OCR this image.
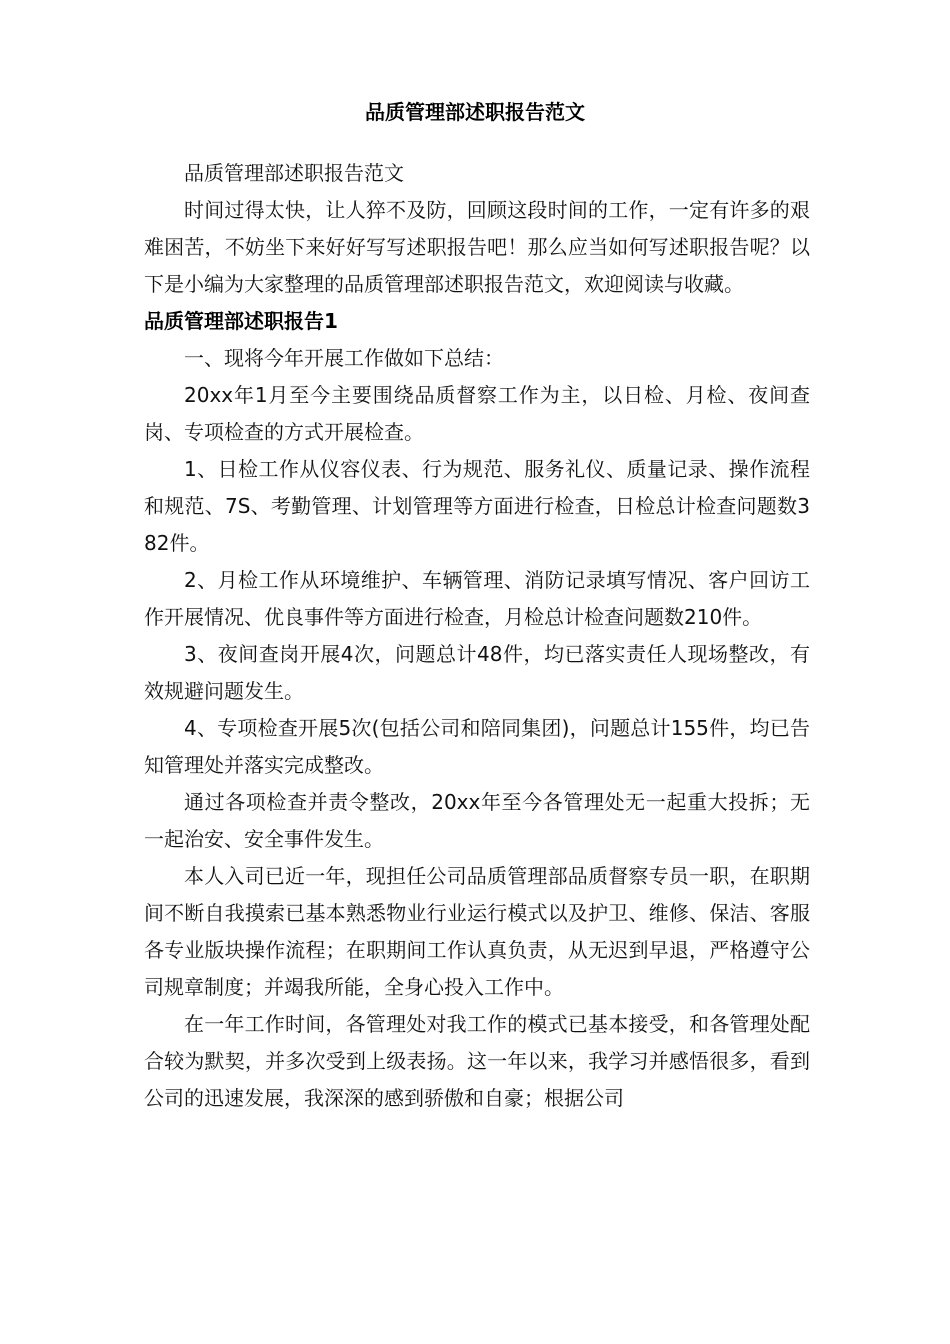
品质管理部述职报告范文

品质管理部述职报告范文

时间过得太快，让人猝不及防，回顾这段时间的工作，一定有许多的艰难困苦，不妨坐下来好好写写述职报告吧！那么应当如何写述职报告呢？以下是小编为大家整理的品质管理部述职报告范文，欢迎阅读与收藏。

品质管理部述职报告1

一、现将今年开展工作做如下总结：

20xx年1月至今主要围绕品质督察工作为主，以日检、月检、夜间查岗、专项检查的方式开展检查。

1、日检工作从仪容仪表、行为规范、服务礼仪、质量记录、操作流程和规范、7S、考勤管理、计划管理等方面进行检查，日检总计检查问题数382件。

2、月检工作从环境维护、车辆管理、消防记录填写情况、客户回访工作开展情况、优良事件等方面进行检查，月检总计检查问题数210件。

3、夜间查岗开展4次，问题总计48件，均已落实责任人现场整改，有效规避问题发生。

4、专项检查开展5次(包括公司和陪同集团)，问题总计155件，均已告知管理处并落实完成整改。

通过各项检查并责令整改，20xx年至今各管理处无一起重大投拆；无一起治安、安全事件发生。

本人入司已近一年，现担任公司品质管理部品质督察专员一职，在职期间不断自我摸索已基本熟悉物业行业运行模式以及护卫、维修、保洁、客服各专业版块操作流程；在职期间工作认真负责，从无迟到早退，严格遵守公司规章制度；并竭我所能，全身心投入工作中。

在一年工作时间，各管理处对我工作的模式已基本接受，和各管理处配合较为默契，并多次受到上级表扬。这一年以来，我学习并感悟很多，看到公司的迅速发展，我深深的感到骄傲和自豪；根据公司
